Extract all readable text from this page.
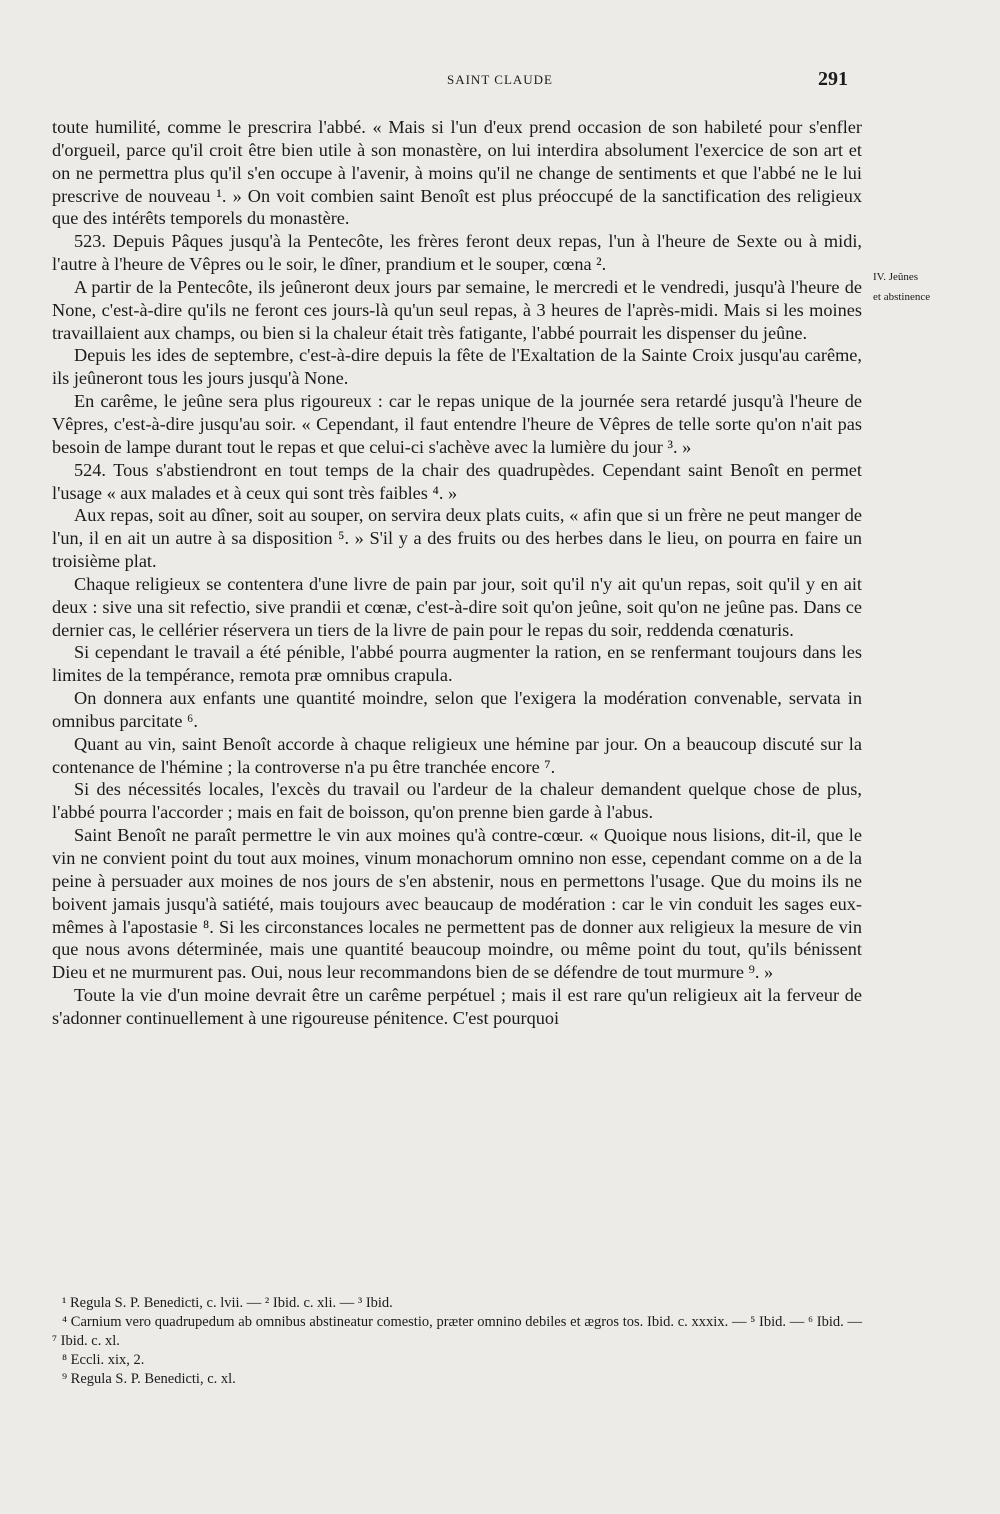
SAINT CLAUDE	291

toute humilité, comme le prescrira l'abbé. « Mais si l'un d'eux prend occasion de son habileté pour s'enfler d'orgueil, parce qu'il croit être bien utile à son monastère, on lui interdira absolument l'exercice de son art et on ne permettra plus qu'il s'en occupe à l'avenir, à moins qu'il ne change de sentiments et que l'abbé ne le lui prescrive de nouveau ¹. » On voit combien saint Benoît est plus préoccupé de la sanctification des religieux que des intérêts temporels du monastère.

523. Depuis Pâques jusqu'à la Pentecôte, les frères feront deux repas, l'un à l'heure de Sexte ou à midi, l'autre à l'heure de Vêpres ou le soir, le dîner, prandium et le souper, cœna ².

A partir de la Pentecôte, ils jeûneront deux jours par semaine, le mercredi et le vendredi, jusqu'à l'heure de None, c'est-à-dire qu'ils ne feront ces jours-là qu'un seul repas, à 3 heures de l'après-midi. Mais si les moines travaillaient aux champs, ou bien si la chaleur était très fatigante, l'abbé pourrait les dispenser du jeûne.

Depuis les ides de septembre, c'est-à-dire depuis la fête de l'Exaltation de la Sainte Croix jusqu'au carême, ils jeûneront tous les jours jusqu'à None.

En carême, le jeûne sera plus rigoureux : car le repas unique de la journée sera retardé jusqu'à l'heure de Vêpres, c'est-à-dire jusqu'au soir. « Cependant, il faut entendre l'heure de Vêpres de telle sorte qu'on n'ait pas besoin de lampe durant tout le repas et que celui-ci s'achève avec la lumière du jour ³. »

524. Tous s'abstiendront en tout temps de la chair des quadrupèdes. Cependant saint Benoît en permet l'usage « aux malades et à ceux qui sont très faibles ⁴. »

Aux repas, soit au dîner, soit au souper, on servira deux plats cuits, « afin que si un frère ne peut manger de l'un, il en ait un autre à sa disposition ⁵. » S'il y a des fruits ou des herbes dans le lieu, on pourra en faire un troisième plat.

Chaque religieux se contentera d'une livre de pain par jour, soit qu'il n'y ait qu'un repas, soit qu'il y en ait deux : sive una sit refectio, sive prandii et cœnæ, c'est-à-dire soit qu'on jeûne, soit qu'on ne jeûne pas. Dans ce dernier cas, le cellérier réservera un tiers de la livre de pain pour le repas du soir, reddenda cœnaturis.

Si cependant le travail a été pénible, l'abbé pourra augmenter la ration, en se renfermant toujours dans les limites de la tempérance, remota præ omnibus crapula.

On donnera aux enfants une quantité moindre, selon que l'exigera la modération convenable, servata in omnibus parcitate ⁶.

Quant au vin, saint Benoît accorde à chaque religieux une hémine par jour. On a beaucoup discuté sur la contenance de l'hémine ; la controverse n'a pu être tranchée encore ⁷.

Si des nécessités locales, l'excès du travail ou l'ardeur de la chaleur demandent quelque chose de plus, l'abbé pourra l'accorder ; mais en fait de boisson, qu'on prenne bien garde à l'abus.

Saint Benoît ne paraît permettre le vin aux moines qu'à contre-cœur. « Quoique nous lisions, dit-il, que le vin ne convient point du tout aux moines, vinum monachorum omnino non esse, cependant comme on a de la peine à persuader aux moines de nos jours de s'en abstenir, nous en permettons l'usage. Que du moins ils ne boivent jamais jusqu'à satiété, mais toujours avec beaucaup de modération : car le vin conduit les sages eux-mêmes à l'apostasie ⁸. Si les circonstances locales ne permettent pas de donner aux religieux la mesure de vin que nous avons déterminée, mais une quantité beaucoup moindre, ou même point du tout, qu'ils bénissent Dieu et ne murmurent pas. Oui, nous leur recommandons bien de se défendre de tout murmure ⁹. »

Toute la vie d'un moine devrait être un carême perpétuel ; mais il est rare qu'un religieux ait la ferveur de s'adonner continuellement à une rigoureuse pénitence. C'est pourquoi

IV. Jeûnes
et abstinence

¹ Regula S. P. Benedicti, c. lvii. — ² Ibid. c. xli. — ³ Ibid.

⁴ Carnium vero quadrupedum ab omnibus abstineatur comestio, præter omnino debiles et ægros tos. Ibid. c. xxxix. — ⁵ Ibid. — ⁶ Ibid. — ⁷ Ibid. c. xl.

⁸ Eccli. xix, 2.

⁹ Regula S. P. Benedicti, c. xl.
